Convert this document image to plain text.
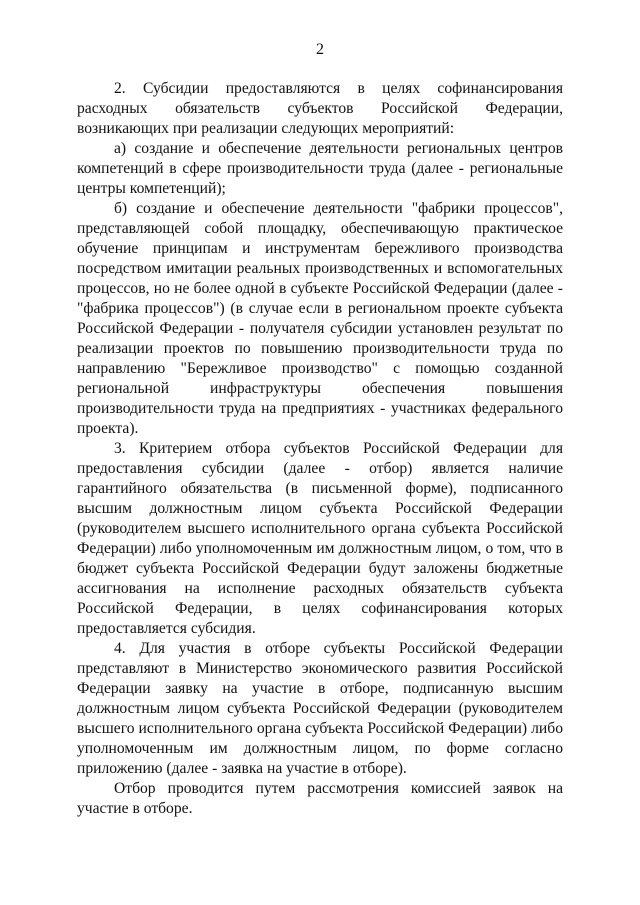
2

2. Субсидии предоставляются в целях софинансирования расходных обязательств субъектов Российской Федерации, возникающих при реализации следующих мероприятий:

а) создание и обеспечение деятельности региональных центров компетенций в сфере производительности труда (далее - региональные центры компетенций);

б) создание и обеспечение деятельности "фабрики процессов", представляющей собой площадку, обеспечивающую практическое обучение принципам и инструментам бережливого производства посредством имитации реальных производственных и вспомогательных процессов, но не более одной в субъекте Российской Федерации (далее - "фабрика процессов") (в случае если в региональном проекте субъекта Российской Федерации - получателя субсидии установлен результат по реализации проектов по повышению производительности труда по направлению "Бережливое производство" с помощью созданной региональной инфраструктуры обеспечения повышения производительности труда на предприятиях - участниках федерального проекта).

3. Критерием отбора субъектов Российской Федерации для предоставления субсидии (далее - отбор) является наличие гарантийного обязательства (в письменной форме), подписанного высшим должностным лицом субъекта Российской Федерации (руководителем высшего исполнительного органа субъекта Российской Федерации) либо уполномоченным им должностным лицом, о том, что в бюджет субъекта Российской Федерации будут заложены бюджетные ассигнования на исполнение расходных обязательств субъекта Российской Федерации, в целях софинансирования которых предоставляется субсидия.

4. Для участия в отборе субъекты Российской Федерации представляют в Министерство экономического развития Российской Федерации заявку на участие в отборе, подписанную высшим должностным лицом субъекта Российской Федерации (руководителем высшего исполнительного органа субъекта Российской Федерации) либо уполномоченным им должностным лицом, по форме согласно приложению (далее - заявка на участие в отборе).

Отбор проводится путем рассмотрения комиссией заявок на участие в отборе.
